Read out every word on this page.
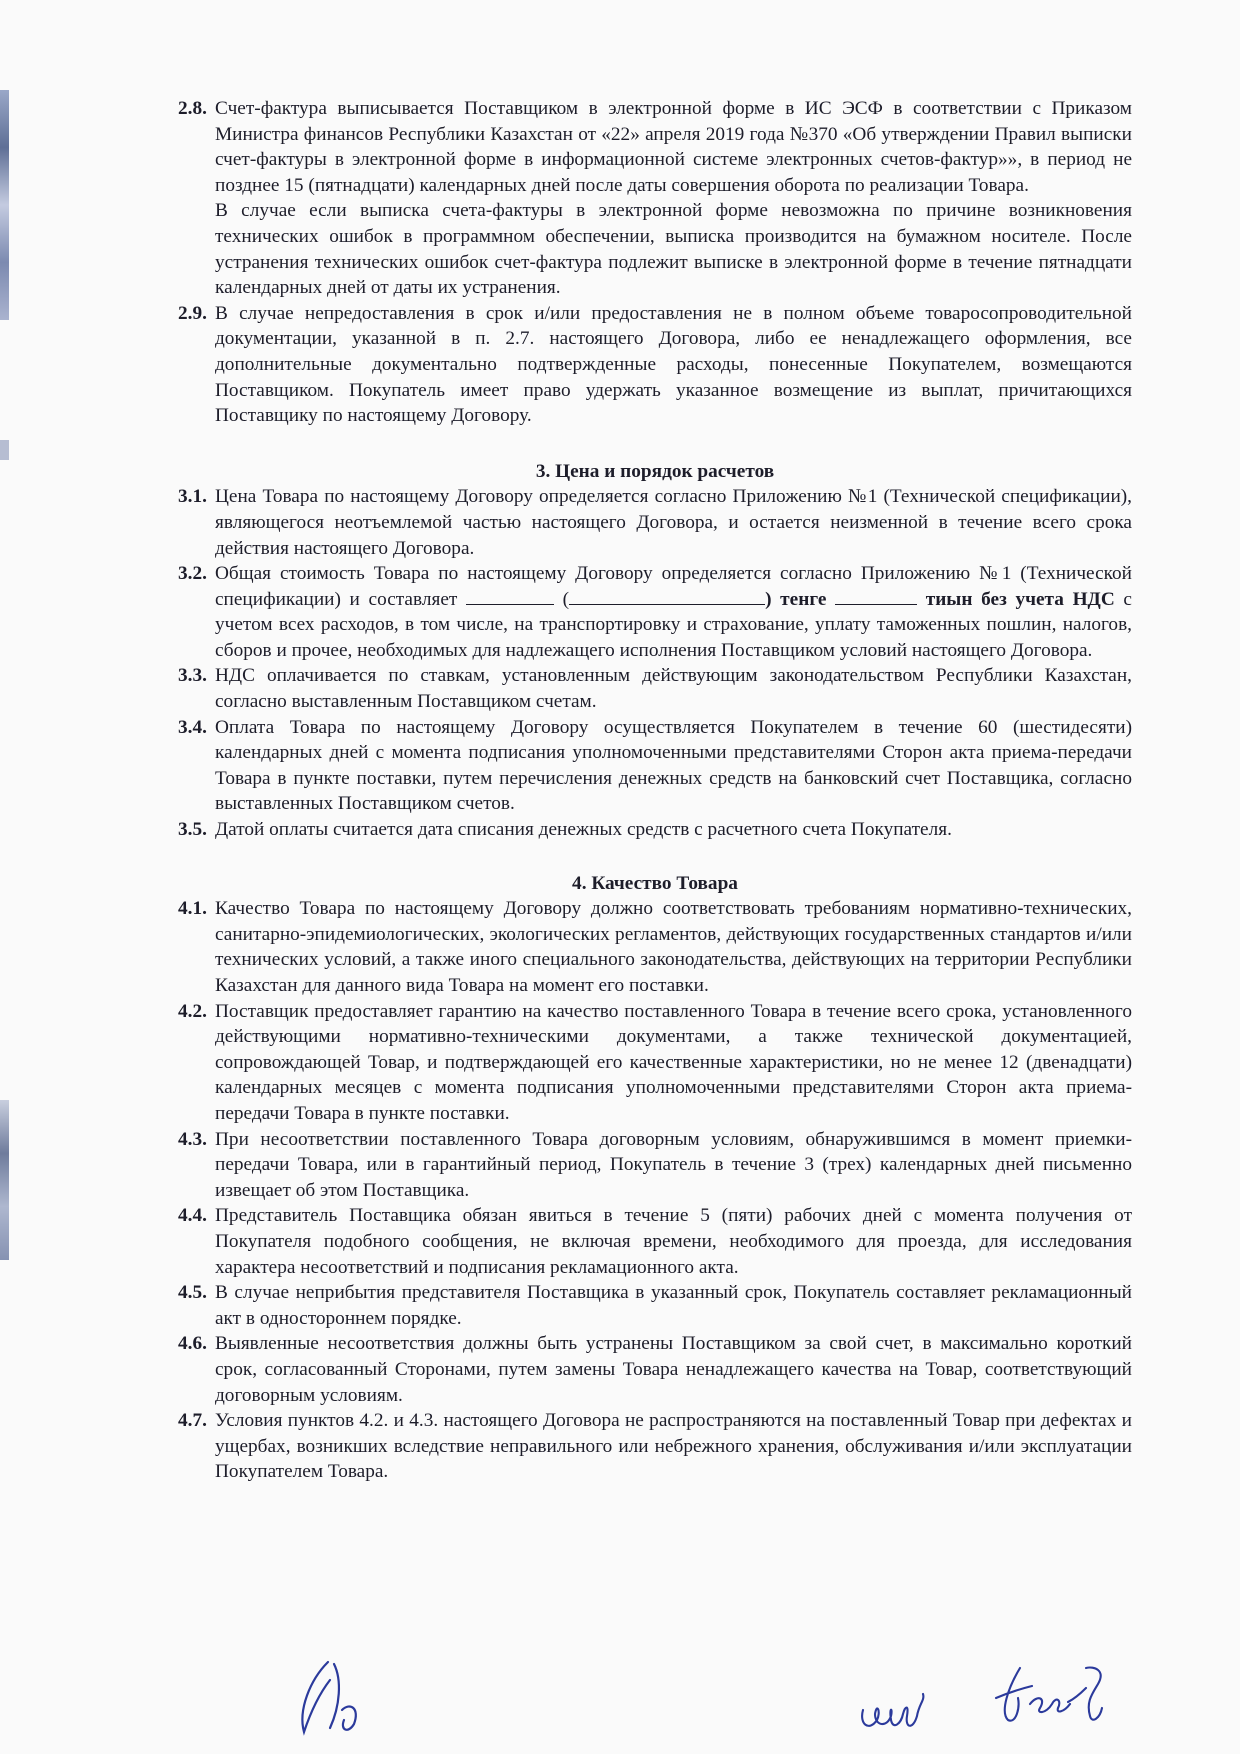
2.8. Счет-фактура выписывается Поставщиком в электронной форме в ИС ЭСФ в соответствии с Приказом Министра финансов Республики Казахстан от «22» апреля 2019 года №370 «Об утверждении Правил выписки счет-фактуры в электронной форме в информационной системе электронных счетов-фактур»», в период не позднее 15 (пятнадцати) календарных дней после даты совершения оборота по реализации Товара.
В случае если выписка счета-фактуры в электронной форме невозможна по причине возникновения технических ошибок в программном обеспечении, выписка производится на бумажном носителе. После устранения технических ошибок счет-фактура подлежит выписке в электронной форме в течение пятнадцати календарных дней от даты их устранения.
2.9. В случае непредоставления в срок и/или предоставления не в полном объеме товаросопроводительной документации, указанной в п. 2.7. настоящего Договора, либо ее ненадлежащего оформления, все дополнительные документально подтвержденные расходы, понесенные Покупателем, возмещаются Поставщиком. Покупатель имеет право удержать указанное возмещение из выплат, причитающихся Поставщику по настоящему Договору.
3. Цена и порядок расчетов
3.1. Цена Товара по настоящему Договору определяется согласно Приложению №1 (Технической спецификации), являющегося неотъемлемой частью настоящего Договора, и остается неизменной в течение всего срока действия настоящего Договора.
3.2. Общая стоимость Товара по настоящему Договору определяется согласно Приложению №1 (Технической спецификации) и составляет	(	) тенге	тиын без учета НДС с учетом всех расходов, в том числе, на транспортировку и страхование, уплату таможенных пошлин, налогов, сборов и прочее, необходимых для надлежащего исполнения Поставщиком условий настоящего Договора.
3.3. НДС оплачивается по ставкам, установленным действующим законодательством Республики Казахстан, согласно выставленным Поставщиком счетам.
3.4. Оплата Товара по настоящему Договору осуществляется Покупателем в течение 60 (шестидесяти) календарных дней с момента подписания уполномоченными представителями Сторон акта приема-передачи Товара в пункте поставки, путем перечисления денежных средств на банковский счет Поставщика, согласно выставленных Поставщиком счетов.
3.5. Датой оплаты считается дата списания денежных средств с расчетного счета Покупателя.
4. Качество Товара
4.1. Качество Товара по настоящему Договору должно соответствовать требованиям нормативно-технических, санитарно-эпидемиологических, экологических регламентов, действующих государственных стандартов и/или технических условий, а также иного специального законодательства, действующих на территории Республики Казахстан для данного вида Товара на момент его поставки.
4.2. Поставщик предоставляет гарантию на качество поставленного Товара в течение всего срока, установленного действующими нормативно-техническими документами, а также технической документацией, сопровождающей Товар, и подтверждающей его качественные характеристики, но не менее 12 (двенадцати) календарных месяцев с момента подписания уполномоченными представителями Сторон акта приема-передачи Товара в пункте поставки.
4.3. При несоответствии поставленного Товара договорным условиям, обнаружившимся в момент приемки-передачи Товара, или в гарантийный период, Покупатель в течение 3 (трех) календарных дней письменно извещает об этом Поставщика.
4.4. Представитель Поставщика обязан явиться в течение 5 (пяти) рабочих дней с момента получения от Покупателя подобного сообщения, не включая времени, необходимого для проезда, для исследования характера несоответствий и подписания рекламационного акта.
4.5. В случае неприбытия представителя Поставщика в указанный срок, Покупатель составляет рекламационный акт в одностороннем порядке.
4.6. Выявленные несоответствия должны быть устранены Поставщиком за свой счет, в максимально короткий срок, согласованный Сторонами, путем замены Товара ненадлежащего качества на Товар, соответствующий договорным условиям.
4.7. Условия пунктов 4.2. и 4.3. настоящего Договора не распространяются на поставленный Товар при дефектах и ущербах, возникших вследствие неправильного или небрежного хранения, обслуживания и/или эксплуатации Покупателем Товара.
